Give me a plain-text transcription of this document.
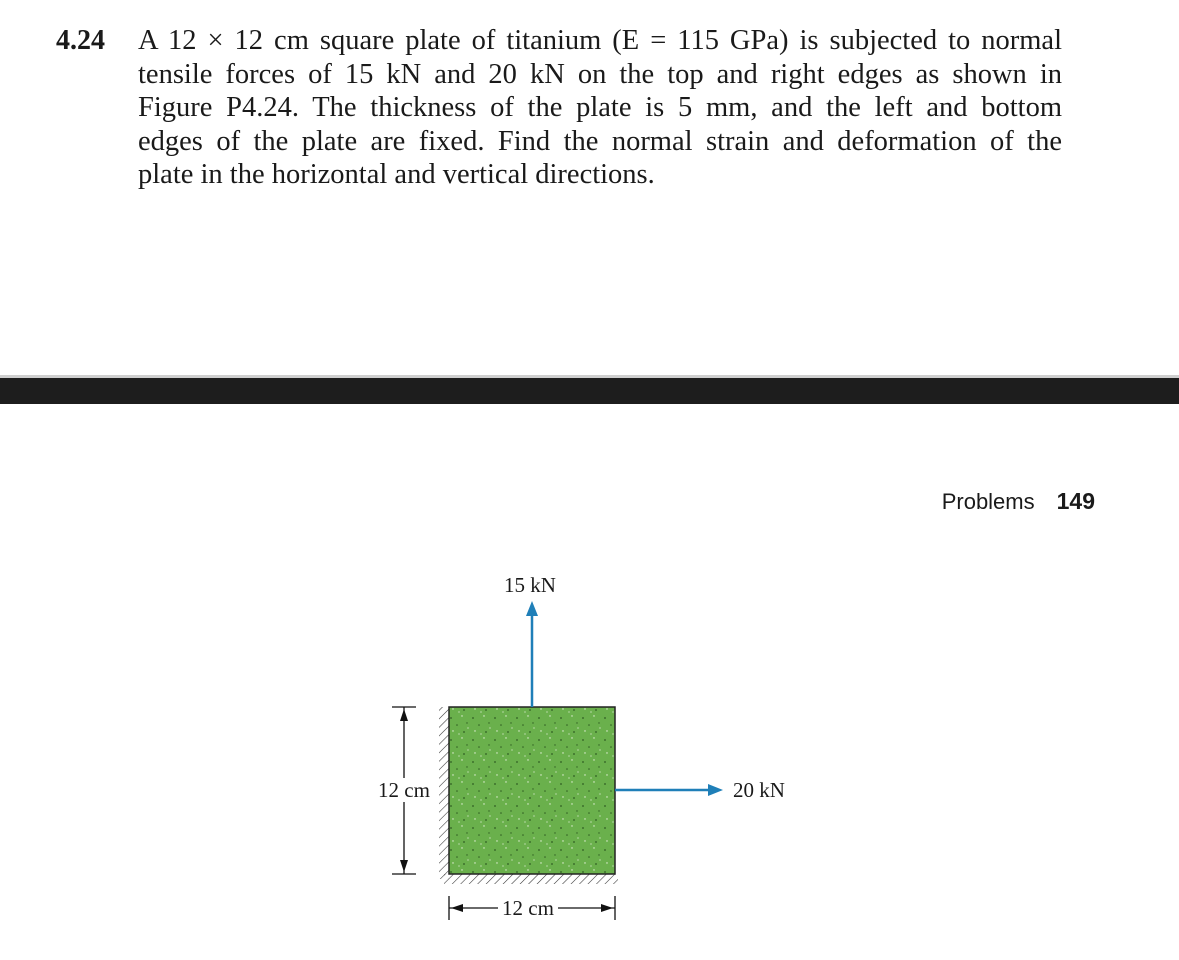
4.24 A 12 × 12 cm square plate of titanium (E = 115 GPa) is subjected to normal
tensile forces of 15 kN and 20 kN on the top and right edges as shown in
Figure P4.24. The thickness of the plate is 5 mm, and the left and bottom
edges of the plate are fixed. Find the normal strain and deformation of the
plate in the horizontal and vertical directions.
Problems 149
15 kN
20 kN
12 cm
12 cm
